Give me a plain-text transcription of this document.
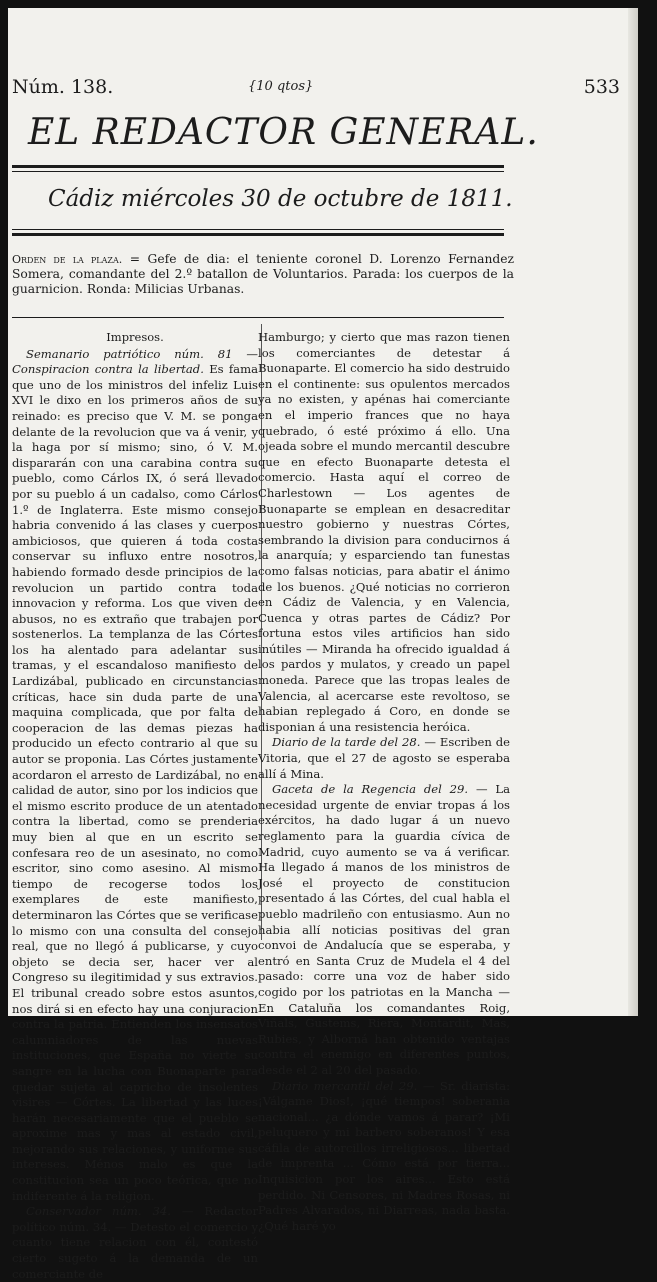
Núm. 138.	{10 qtos}	533
EL REDACTOR GENERAL.
Cádiz miércoles 30 de octubre de 1811.
Orden de la plaza. = Gefe de dia: el teniente coronel D. Lorenzo Fernandez Somera, comandante del 2.º batallon de Voluntarios. Parada: los cuerpos de la guarnicion. Ronda: Milicias Urbanas.
Impresos.

Semanario patriótico núm. 81 — Conspiracion contra la libertad. Es fama que uno de los ministros del infeliz Luis XVI le dixo en los primeros años de su reinado: es preciso que V. M. se ponga delante de la revolucion que va á venir, y la haga por sí mismo; sino, ó V. M. dispararán con una carabina contra su pueblo, como Cárlos IX, ó será llevado por su pueblo á un cadalso, como Cárlos 1.º de Inglaterra. Este mismo consejo habria convenido á las clases y cuerpos ambiciosos, que quieren á toda costa conservar su influxo entre nosotros, habiendo formado desde principios de la revolucion un partido contra toda innovacion y reforma. Los que viven de abusos, no es extraño que trabajen por sostenerlos. La templanza de las Córtes los ha alentado para adelantar sus tramas, y el escandaloso manifiesto de Lardizábal, publicado en circunstancias críticas, hace sin duda parte de una maquina complicada, que por falta de cooperacion de las demas piezas ha producido un efecto contrario al que su autor se proponia. Las Córtes justamente acordaron el arresto de Lardizábal, no en calidad de autor, sino por los indicios que el mismo escrito produce de un atentado contra la libertad, como se prenderia muy bien al que en un escrito se confesara reo de un asesinato, no como escritor, sino como asesino. Al mismo tiempo de recogerse todos los exemplares de este manifiesto, determinaron las Córtes que se verificase lo mismo con una consulta del consejo real, que no llegó á publicarse, y cuyo objeto se decia ser, hacer ver al Congreso su ilegitimidad y sus extravios. El tribunal creado sobre estos asuntos, nos dirá si en efecto hay una conjuracion contra la patria. Entienden los insensatos calumniadores de las nuevas instituciones, que España no vierte su sangre en la lucha con Buonaparte para quedar sujeta al capricho de insolentes visires — Córtes. La libertad y las luces harán necesariamente que el pueblo se aproxime mas y mas al estado civil, mejorando sus relaciones, y uniforme sus intereses. Ménos malo es que la constitucion sea un poco teórica, que no indiferente á la religion.

Conservador núm. 34. — Redactor político núm. 34. — Detesto el comercio y cuanto tiene relacion con él, contestó cierto sugeto á la demanda de un comerciante de

Hamburgo; y cierto que mas razon tienen los comerciantes de detestar á Buonaparte. El comercio ha sido destruido en el continente: sus opulentos mercados ya no existen, y apénas hai comerciante en el imperio frances que no haya quebrado, ó esté próximo á ello. Una ojeada sobre el mundo mercantil descubre que en efecto Buonaparte detesta el comercio. Hasta aquí el correo de Charlestown — Los agentes de Buonaparte se emplean en desacreditar nuestro gobierno y nuestras Córtes, sembrando la division para conducirnos á la anarquía; y esparciendo tan funestas como falsas noticias, para abatir el ánimo de los buenos. ¿Qué noticias no corrieron en Cádiz de Valencia, y en Valencia, Cuenca y otras partes de Cádiz? Por fortuna estos viles artificios han sido inútiles — Miranda ha ofrecido igualdad á los pardos y mulatos, y creado un papel moneda. Parece que las tropas leales de Valencia, al acercarse este revoltoso, se habian replegado á Coro, en donde se disponian á una resistencia heróica.

Diario de la tarde del 28. — Escriben de Vitoria, que el 27 de agosto se esperaba allí á Mina.

Gaceta de la Regencia del 29. — La necesidad urgente de enviar tropas á los exércitos, ha dado lugar á un nuevo reglamento para la guardia cívica de Madrid, cuyo aumento se va á verificar. Ha llegado á manos de los ministros de José el proyecto de constitucion presentado á las Córtes, del cual habla el pueblo madrileño con entusiasmo. Aun no habia allí noticias positivas del gran convoi de Andalucía que se esperaba, y entró en Santa Cruz de Mudela el 4 del pasado: corre una voz de haber sido cogido por los patriotas en la Mancha — En Cataluña los comandantes Roig, Viñals, Gustems, Riera, Montardit, Mas, Rubies, y Alborná han obtenido ventajas contra el enemigo en diferentes puntos, desde el 2 al 20 del pasado.

Diario mercantil del 29. — Sr. diarista: ¡Válgame Dios!, ¡qué tiempos! soberania nacional... ¿a dónde vamos á parar? ¡Mi peluquero y mi barbero soberanos! Y esa cáfila de autorcillos irreligiosos... libertad de imprenta ... Cómo está por tierra... Inquisicion por los aires... Esto está perdido. Ni Censores, ni Madres Rosas, ni Padres Alvarados, ni Diarreas, nada basta. ¿Qué haré yo
